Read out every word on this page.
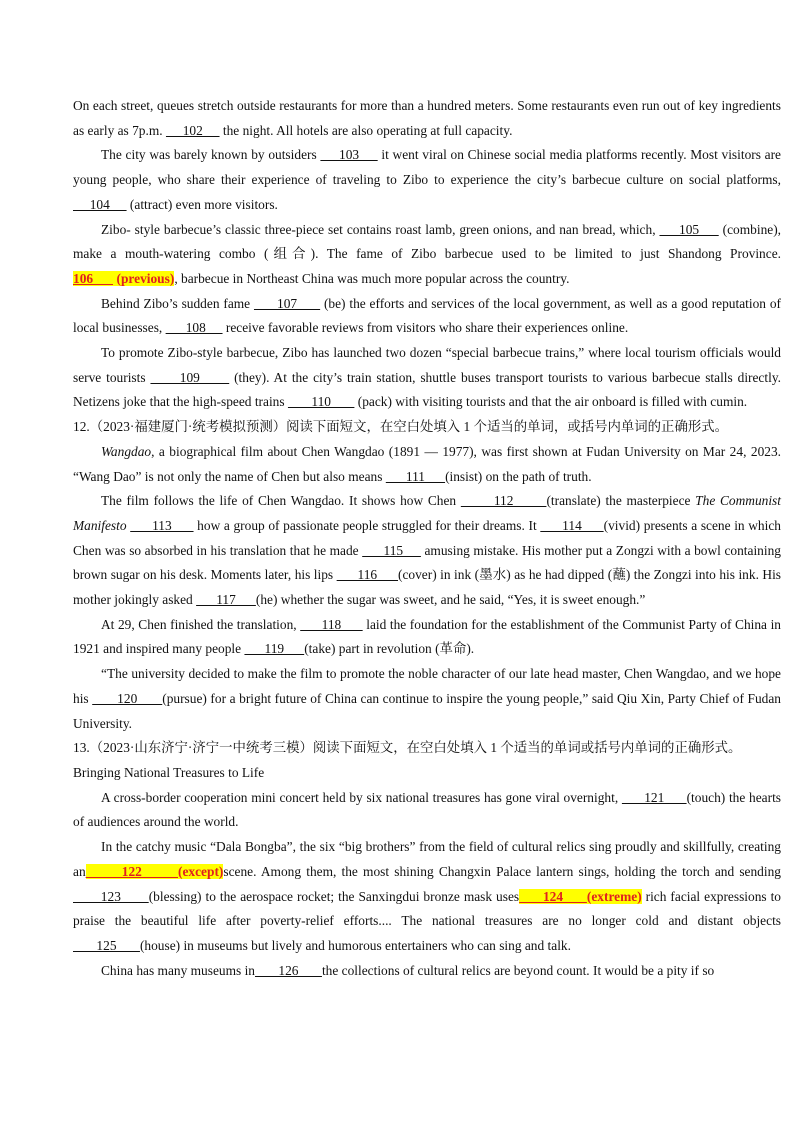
On each street, queues stretch outside restaurants for more than a hundred meters. Some restaurants even run out of key ingredients as early as 7p.m.      102      the night. All hotels are also operating at full capacity.

The city was barely known by outsiders      103      it went viral on Chinese social media platforms recently. Most visitors are young people, who share their experience of traveling to Zibo to experience the city’s barbecue culture on social platforms,      104      (attract) even more visitors.

Zibo- style barbecue’s classic three-piece set contains roast lamb, green onions, and nan bread, which,      105      (combine), make a mouth-watering combo (组合). The fame of Zibo barbecue used to be limited to just Shandong Province. 106       (previous), barbecue in Northeast China was much more popular across the country.

Behind Zibo’s sudden fame       107       (be) the efforts and services of the local government, as well as a good reputation of local businesses,       108      receive favorable reviews from visitors who share their experiences online.

To promote Zibo-style barbecue, Zibo has launched two dozen “special barbecue trains,” where local tourism officials would serve tourists       109       (they). At the city’s train station, shuttle buses transport tourists to various barbecue stalls directly. Netizens joke that the high-speed trains        110        (pack) with visiting tourists and that the air onboard is filled with cumin.

12.（2023·福建厦门·统考模拟预测）阅读下面短文，在空白处填入 1 个适当的单词，或括号内单词的正确形式。

Wangdao, a biographical film about Chen Wangdao (1891 — 1977), was first shown at Fudan University on Mar 24, 2023. “Wang Dao” is not only the name of Chen but also means       111      (insist) on the path of truth.

The film follows the life of Chen Wangdao. It shows how Chen        112       (translate) the masterpiece The Communist Manifesto       113       how a group of passionate people struggled for their dreams. It       114      (vivid) presents a scene in which Chen was so absorbed in his translation that he made       115      amusing mistake. His mother put a Zongzi with a bowl containing brown sugar on his desk. Moments later, his lips       116      (cover) in ink (墨水) as he had dipped (蘸) the Zongzi into his ink. His mother jokingly asked       117      (he) whether the sugar was sweet, and he said, “Yes, it is sweet enough.”

At 29, Chen finished the translation,       118       laid the foundation for the establishment of the Communist Party of China in 1921 and inspired many people       119      (take) part in revolution (革命).

“The university decided to make the film to promote the noble character of our late head master, Chen Wangdao, and we hope his        120       (pursue) for a bright future of China can continue to inspire the young people,” said Qiu Xin, Party Chief of Fudan University.

13.（2023·山东济宁·济宁一中统考三模）阅读下面短文，在空白处填入 1 个适当的单词或括号内单词的正确形式。

Bringing National Treasures to Life

A cross-border cooperation mini concert held by six national treasures has gone viral overnight,       121      (touch) the hearts of audiences around the world.

In the catchy music “Dala Bongba”, the six “big brothers” from the field of cultural relics sing proudly and skillfully, creating an       122       (except)scene. Among them, the most shining Changxin Palace lantern sings, holding the torch and sending       123       (blessing) to the aerospace rocket; the Sanxingdui bronze mask uses      124      (extreme) rich facial expressions to praise the beautiful life after poverty-relief efforts.... The national treasures are no longer cold and distant objects       125       (house) in museums but lively and humorous entertainers who can sing and talk.

China has many museums in       126       the collections of cultural relics are beyond count. It would be a pity if so
